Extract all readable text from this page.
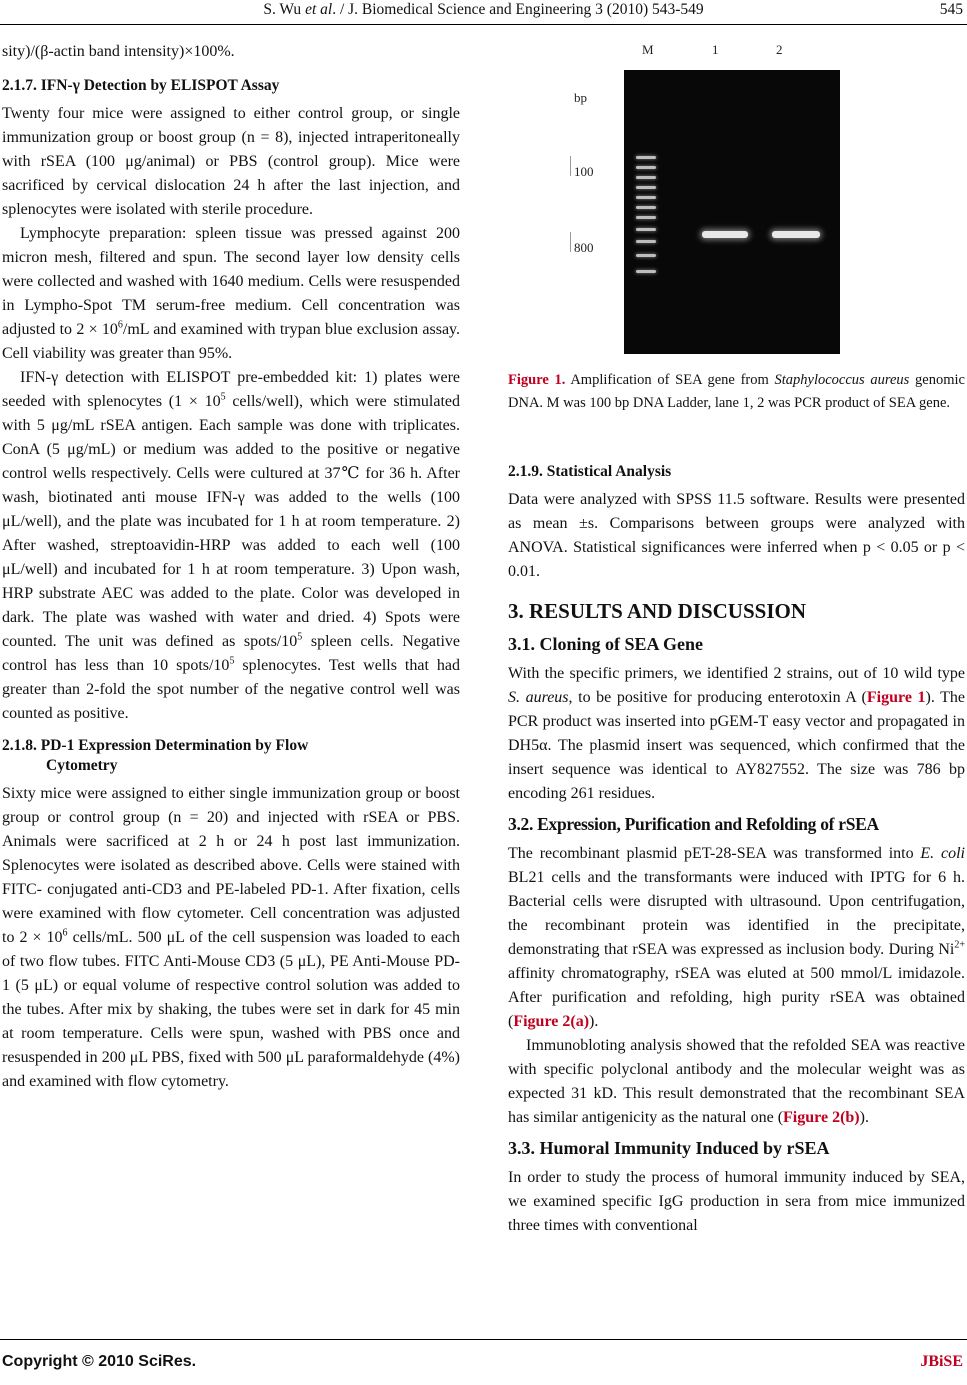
S. Wu et al. / J. Biomedical Science and Engineering 3 (2010) 543-549	545

sity)/(β-actin band intensity)×100%.

2.1.7. IFN-γ Detection by ELISPOT Assay

Twenty four mice were assigned to either control group, or single immunization group or boost group (n = 8), injected intraperitoneally with rSEA (100 μg/animal) or PBS (control group). Mice were sacrificed by cervical dislocation 24 h after the last injection, and splenocytes were isolated with sterile procedure.

Lymphocyte preparation: spleen tissue was pressed against 200 micron mesh, filtered and spun. The second layer low density cells were collected and washed with 1640 medium. Cells were resuspended in Lympho-Spot TM serum-free medium. Cell concentration was adjusted to $2 \times 10^6/mL$ and examined with trypan blue exclusion assay. Cell viability was greater than 95%.

IFN-γ detection with ELISPOT pre-embedded kit: 1) plates were seeded with splenocytes ($1 \times 10^5$ cells/well), which were stimulated with 5 μg/mL rSEA antigen. Each sample was done with triplicates. ConA (5 μg/mL) or medium was added to the positive or negative control wells respectively. Cells were cultured at 37℃ for 36 h. After wash, biotinated anti mouse IFN-γ was added to the wells (100 μL/well), and the plate was incubated for 1 h at room temperature. 2) After washed, streptoavidin-HRP was added to each well (100 μL/well) and incubated for 1 h at room temperature. 3) Upon wash, HRP substrate AEC was added to the plate. Color was developed in dark. The plate was washed with water and dried. 4) Spots were counted. The unit was defined as spots/$10^5$ spleen cells. Negative control has less than 10 spots/$10^5$ splenocytes. Test wells that had greater than 2-fold the spot number of the negative control well was counted as positive.

2.1.8. PD-1 Expression Determination by Flow
Cytometry

Sixty mice were assigned to either single immunization group or boost group or control group (n = 20) and injected with rSEA or PBS. Animals were sacrificed at 2 h or 24 h post last immunization. Splenocytes were isolated as described above. Cells were stained with FITC- conjugated anti-CD3 and PE-labeled PD-1. After fixation, cells were examined with flow cytometer. Cell concentration was adjusted to $2 \times 10^6$ cells/mL. 500 μL of the cell suspension was loaded to each of two flow tubes. FITC Anti-Mouse CD3 (5 μL), PE Anti-Mouse PD-1 (5 μL) or equal volume of respective control solution was added to the tubes. After mix by shaking, the tubes were set in dark for 45 min at room temperature. Cells were spun, washed with PBS once and resuspended in 200 μL PBS, fixed with 500 μL paraformaldehyde (4%) and examined with flow cytometry.

M	1	2
bp
100
800
Figure 1. Amplification of SEA gene from Staphylococcus aureus genomic DNA. M was 100 bp DNA Ladder, lane 1, 2 was PCR product of SEA gene.
2.1.9. Statistical Analysis

Data were analyzed with SPSS 11.5 software. Results were presented as mean ±s. Comparisons between groups were analyzed with ANOVA. Statistical significances were inferred when p < 0.05 or p < 0.01.

3. RESULTS AND DISCUSSION
3.1. Cloning of SEA Gene

With the specific primers, we identified 2 strains, out of 10 wild type S. aureus, to be positive for producing enterotoxin A (Figure 1). The PCR product was inserted into pGEM-T easy vector and propagated in DH5α. The plasmid insert was sequenced, which confirmed that the insert sequence was identical to AY827552. The size was 786 bp encoding 261 residues.

3.2. Expression, Purification and Refolding of rSEA

The recombinant plasmid pET-28-SEA was transformed into E. coli BL21 cells and the transformants were induced with IPTG for 6 h. Bacterial cells were disrupted with ultrasound. Upon centrifugation, the recombinant protein was identified in the precipitate, demonstrating that rSEA was expressed as inclusion body. During $Ni^{2+}$ affinity chromatography, rSEA was eluted at 500 mmol/L imidazole. After purification and refolding, high purity rSEA was obtained (Figure 2(a)).

Immunobloting analysis showed that the refolded SEA was reactive with specific polyclonal antibody and the molecular weight was as expected 31 kD. This result demonstrated that the recombinant SEA has similar antigenicity as the natural one (Figure 2(b)).

3.3. Humoral Immunity Induced by rSEA

In order to study the process of humoral immunity induced by SEA, we examined specific IgG production in sera from mice immunized three times with conventional

Copyright © 2010 SciRes.	JBiSE
